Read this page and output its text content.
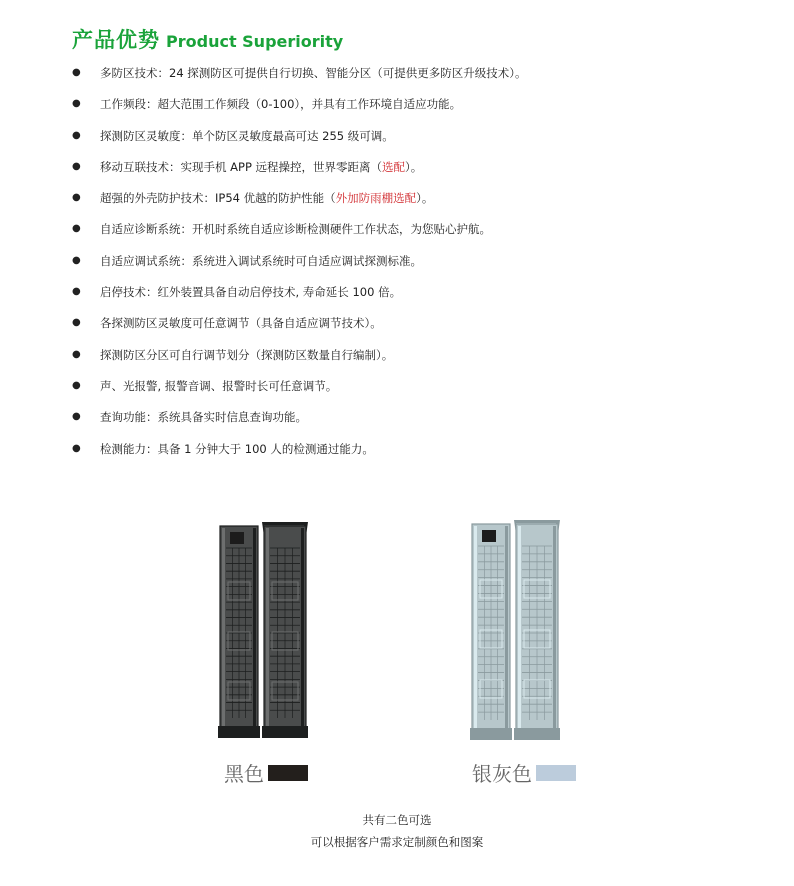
产品优势 Product Superiority
●	多防区技术：24 探测防区可提供自行切换、智能分区（可提供更多防区升级技术）。
●	工作频段：超大范围工作频段（0-100），并具有工作环境自适应功能。
●	探测防区灵敏度：单个防区灵敏度最高可达 255 级可调。
●	移动互联技术：实现手机 APP 远程操控，世界零距离（选配）。
●	超强的外壳防护技术：IP54 优越的防护性能（外加防雨棚选配）。
●	自适应诊断系统：开机时系统自适应诊断检测硬件工作状态，为您贴心护航。
●	自适应调试系统：系统进入调试系统时可自适应调试探测标准。
●	启停技术：红外装置具备自动启停技术, 寿命延长 100 倍。
●	各探测防区灵敏度可任意调节（具备自适应调节技术）。
●	探测防区分区可自行调节划分（探测防区数量自行编制）。
●	声、光报警, 报警音调、报警时长可任意调节。
●	查询功能：系统具备实时信息查询功能。
●	检测能力：具备 1 分钟大于 100 人的检测通过能力。
黑色	银灰色
共有二色可选
可以根据客户需求定制颜色和图案
